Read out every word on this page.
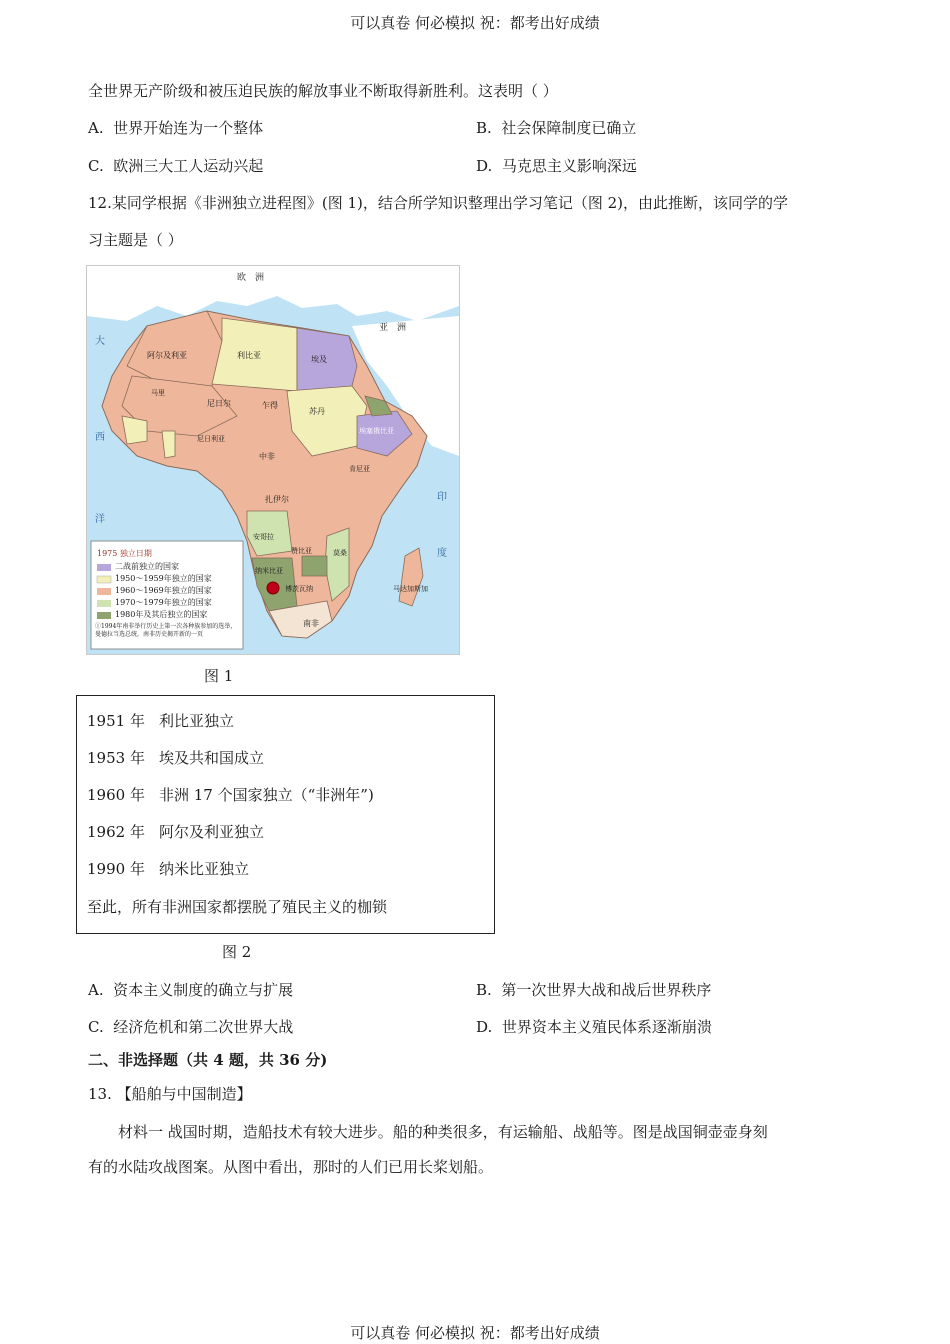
可以真卷 何必模拟 祝：都考出好成绩
全世界无产阶级和被压迫民族的解放事业不断取得新胜利。这表明（ ）
A. 世界开始连为一个整体	B. 社会保障制度已确立
C. 欧洲三大工人运动兴起	D. 马克思主义影响深远
12.某同学根据《非洲独立进程图》(图 1)，结合所学知识整理出学习笔记（图 2)，由此推断，该同学的学
习主题是（ ）
欧　洲
亚　洲
大
西
洋
印
度
阿尔及利亚	利比亚	埃及
尼日尔	乍得
苏丹
尼日利亚
埃塞俄比亚
马里
中非
扎伊尔
肯尼亚
安哥拉
赞比亚	莫桑
纳米比亚
博茨瓦纳
南非
马达加斯加
1975 独立日期
二战前独立的国家
1950～1959年独立的国家
1960～1969年独立的国家
1970～1979年独立的国家
1980年及其后独立的国家
①1994年南非举行历史上第一次各种族参加的选举，曼德拉当选总统，南非历史揭开新的一页
图 1
1951 年 利比亚独立
1953 年 埃及共和国成立
1960 年 非洲 17 个国家独立（“非洲年”)
1962 年 阿尔及利亚独立
1990 年 纳米比亚独立
至此，所有非洲国家都摆脱了殖民主义的枷锁
图 2
A. 资本主义制度的确立与扩展	B. 第一次世界大战和战后世界秩序
C. 经济危机和第二次世界大战	D. 世界资本主义殖民体系逐渐崩溃
二、非选择题（共 4 题，共 36 分)
13. 【船舶与中国制造】
材料一 战国时期，造船技术有较大进步。船的种类很多，有运输船、战船等。图是战国铜壶壶身刻
有的水陆攻战图案。从图中看出，那时的人们已用长桨划船。
可以真卷 何必模拟 祝：都考出好成绩
